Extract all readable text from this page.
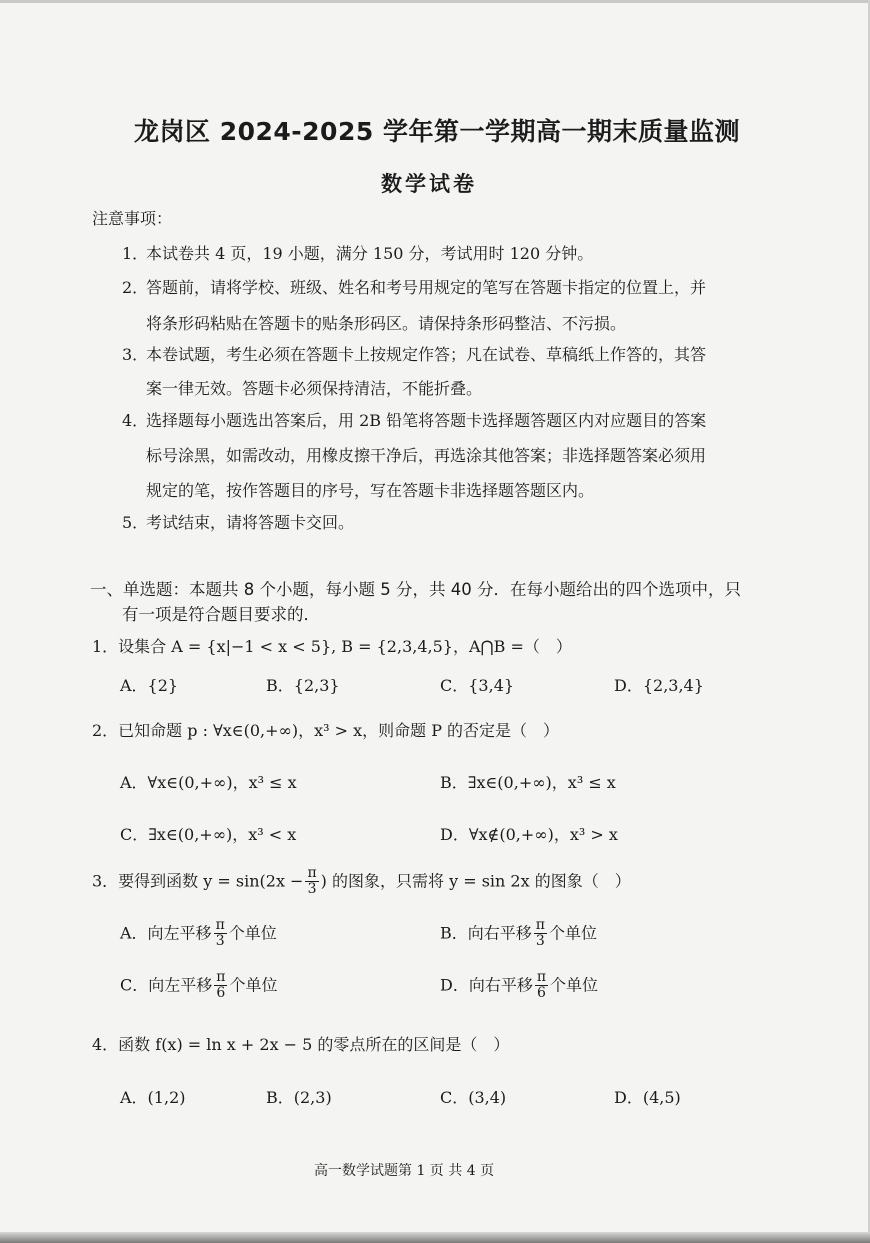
龙岗区 2024-2025 学年第一学期高一期末质量监测
数学试卷
注意事项：
1．
本试卷共 4 页，19 小题，满分 150 分，考试用时 120 分钟。
2．
答题前，请将学校、班级、姓名和考号用规定的笔写在答题卡指定的位置上，并
将条形码粘贴在答题卡的贴条形码区。请保持条形码整洁、不污损。
3．
本卷试题，考生必须在答题卡上按规定作答；凡在试卷、草稿纸上作答的，其答
案一律无效。答题卡必须保持清洁，不能折叠。
4．
选择题每小题选出答案后，用 2B 铅笔将答题卡选择题答题区内对应题目的答案
标号涂黑，如需改动，用橡皮擦干净后，再选涂其他答案；非选择题答案必须用
规定的笔，按作答题目的序号，写在答题卡非选择题答题区内。
5．
考试结束，请将答题卡交回。
一、单选题：本题共 8 个小题，每小题 5 分，共 40 分．在每小题给出的四个选项中，只
有一项是符合题目要求的．
1．设集合 A = {x|−1 < x < 5}, B = {2,3,4,5}，A⋂B =（　）
A．{2}	B．{2,3}	C．{3,4}	D．{2,3,4}
2．已知命题 p : ∀x∈(0,+∞)，x³ > x，则命题 P 的否定是（　）
A．∀x∈(0,+∞)，x³ ≤ x	B．∃x∈(0,+∞)，x³ ≤ x
C．∃x∈(0,+∞)，x³ < x	D．∀x∉(0,+∞)，x³ > x
3．要得到函数 $y = \sin(2x - \frac{\pi}{3}$ ) 的图象，只需将 y = sin 2x 的图象（　）
A．向左平移 $\frac{\pi}{3}$ 个单位	B．向右平移 $\frac{\pi}{3}$ 个单位
C．向左平移 $\frac{\pi}{6}$ 个单位	D．向右平移 $\frac{\pi}{6}$ 个单位
4．函数 f(x) = ln x + 2x − 5 的零点所在的区间是（　）
A．(1,2)	B．(2,3)	C．(3,4)	D．(4,5)
高一数学试题第 1 页 共 4 页
